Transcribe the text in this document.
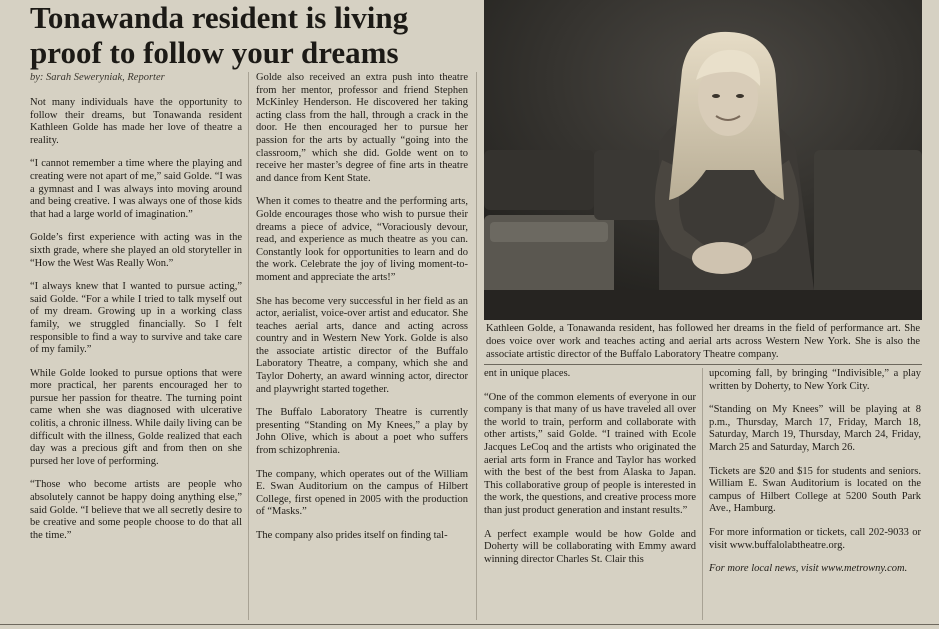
Tonawanda resident is living proof to follow your dreams
by: Sarah Seweryniak, Reporter

Not many individuals have the opportunity to follow their dreams, but Tonawanda resident Kathleen Golde has made her love of theatre a reality.

“I cannot remember a time where the playing and creating were not apart of me,” said Golde. “I was a gymnast and I was always into moving around and being creative. I was always one of those kids that had a large world of imagination.”

Golde’s first experience with acting was in the sixth grade, where she played an old storyteller in “How the West Was Really Won.”

“I always knew that I wanted to pursue acting,” said Golde. “For a while I tried to talk myself out of my dream. Growing up in a working class family, we struggled financially. So I felt responsible to find a way to survive and take care of my family.”

While Golde looked to pursue options that were more practical, her parents encouraged her to pursue her passion for theatre. The turning point came when she was diagnosed with ulcerative colitis, a chronic illness. While daily living can be difficult with the illness, Golde realized that each day was a precious gift and from then on she pursed her love of performing.

“Those who become artists are people who absolutely cannot be happy doing anything else,” said Golde. “I believe that we all secretly desire to be creative and some people choose to do that all the time.”

Golde also received an extra push into theatre from her mentor, professor and friend Stephen McKinley Henderson. He discovered her taking acting class from the hall, through a crack in the door. He then encouraged her to pursue her passion for the arts by actually “going into the classroom,” which she did. Golde went on to receive her master’s degree of fine arts in theatre and dance from Kent State.

When it comes to theatre and the performing arts, Golde encourages those who wish to pursue their dreams a piece of advice, “Voraciously devour, read, and experience as much theatre as you can. Constantly look for opportunities to learn and do the work. Celebrate the joy of living moment-to-moment and appreciate the arts!”

She has become very successful in her field as an actor, aerialist, voice-over artist and educator. She teaches aerial arts, dance and acting across country and in Western New York. Golde is also the associate artistic director of the Buffalo Laboratory Theatre, a company, which she and Taylor Doherty, an award winning actor, director and playwright started together.

The Buffalo Laboratory Theatre is currently presenting “Standing on My Knees,” a play by John Olive, which is about a poet who suffers from schizophrenia.

The company, which operates out of the William E. Swan Auditorium on the campus of Hilbert College, first opened in 2005 with the production of “Masks.”

The company also prides itself on finding tal-

Kathleen Golde, a Tonawanda resident, has followed her dreams in the field of performance art. She does voice over work and teaches acting and aerial arts across Western New York. She is also the associate artistic director of the Buffalo Laboratory Theatre company.

ent in unique places.

“One of the common elements of everyone in our company is that many of us have traveled all over the world to train, perform and collaborate with other artists,” said Golde. “I trained with Ecole Jacques LeCoq and the artists who originated the aerial arts form in France and Taylor has worked with the best of the best from Alaska to Japan. This collaborative group of people is interested in the work, the questions, and creative process more than just product generation and instant results.”

A perfect example would be how Golde and Doherty will be collaborating with Emmy award winning director Charles St. Clair this

upcoming fall, by bringing “Indivisible,” a play written by Doherty, to New York City.

“Standing on My Knees” will be playing at 8 p.m., Thursday, March 17, Friday, March 18, Saturday, March 19, Thursday, March 24, Friday, March 25 and Saturday, March 26.

Tickets are $20 and $15 for students and seniors. William E. Swan Auditorium is located on the campus of Hilbert College at 5200 South Park Ave., Hamburg.

For more information or tickets, call 202-9033 or visit www.buffalolabtheatre.org.

For more local news, visit www.metrowny.com.
